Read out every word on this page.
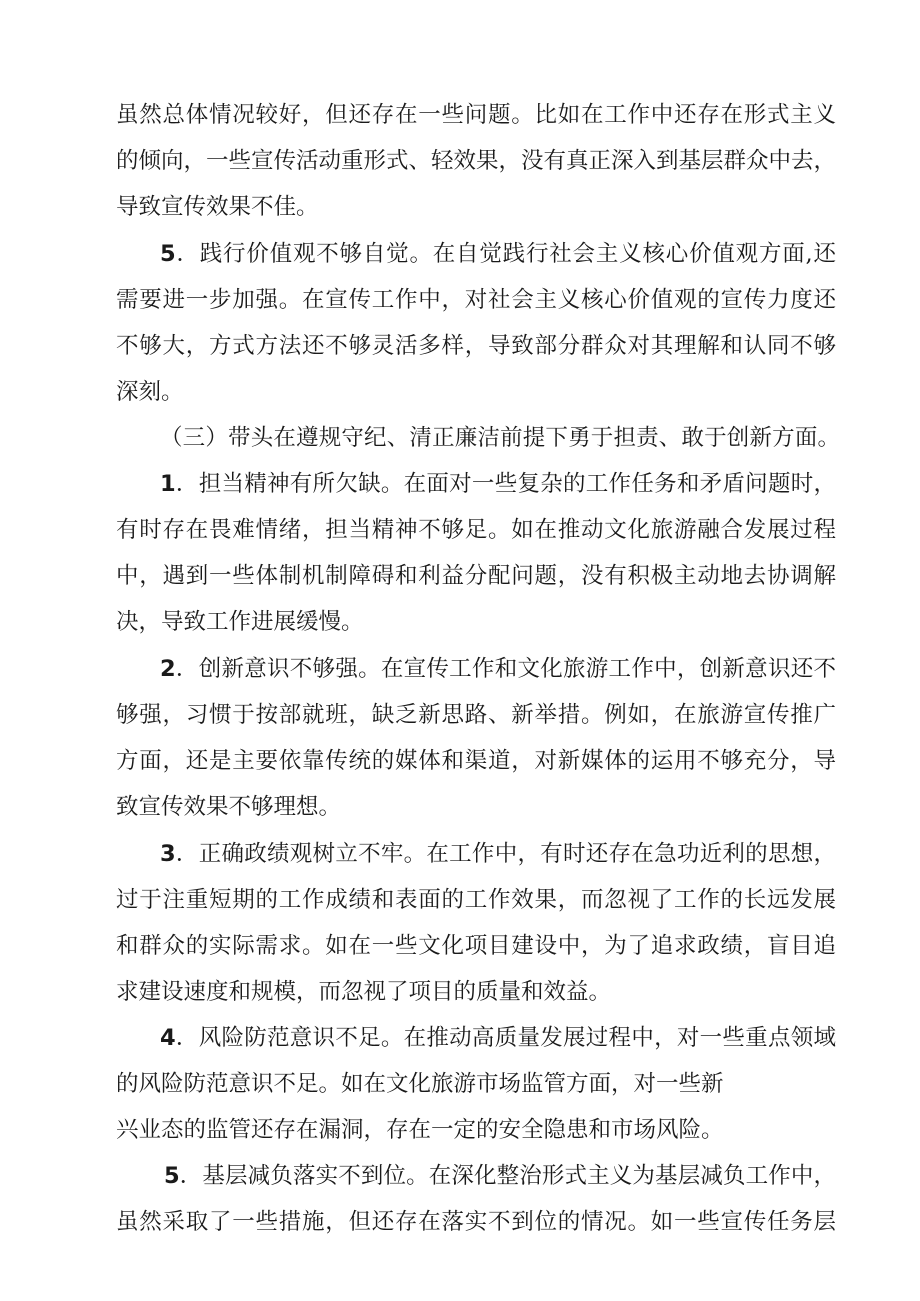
虽然总体情况较好，但还存在一些问题。比如在工作中还存在形式主义
的倾向，一些宣传活动重形式、轻效果，没有真正深入到基层群众中去，
导致宣传效果不佳。
5．践行价值观不够自觉。在自觉践行社会主义核心价值观方面,还
需要进一步加强。在宣传工作中，对社会主义核心价值观的宣传力度还
不够大，方式方法还不够灵活多样，导致部分群众对其理解和认同不够
深刻。
（三）带头在遵规守纪、清正廉洁前提下勇于担责、敢于创新方面。
1．担当精神有所欠缺。在面对一些复杂的工作任务和矛盾问题时，
有时存在畏难情绪，担当精神不够足。如在推动文化旅游融合发展过程
中，遇到一些体制机制障碍和利益分配问题，没有积极主动地去协调解
决，导致工作进展缓慢。
2．创新意识不够强。在宣传工作和文化旅游工作中，创新意识还不
够强，习惯于按部就班，缺乏新思路、新举措。例如，在旅游宣传推广
方面，还是主要依靠传统的媒体和渠道，对新媒体的运用不够充分，导
致宣传效果不够理想。
3．正确政绩观树立不牢。在工作中，有时还存在急功近利的思想，
过于注重短期的工作成绩和表面的工作效果，而忽视了工作的长远发展
和群众的实际需求。如在一些文化项目建设中，为了追求政绩，盲目追
求建设速度和规模，而忽视了项目的质量和效益。
4．风险防范意识不足。在推动高质量发展过程中，对一些重点领域
的风险防范意识不足。如在文化旅游市场监管方面，对一些新
兴业态的监管还存在漏洞，存在一定的安全隐患和市场风险。
5．基层减负落实不到位。在深化整治形式主义为基层减负工作中，
虽然采取了一些措施，但还存在落实不到位的情况。如一些宣传任务层
